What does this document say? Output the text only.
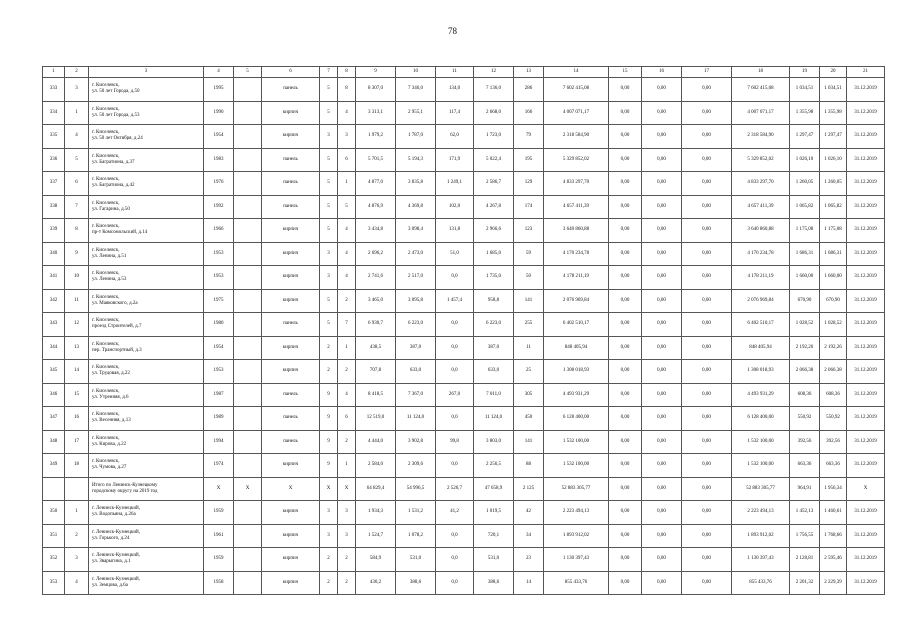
78
1	2	3	4	5	6	7	8	9	10	11	12	13	14	15	16	17	18	19	20	21
333	3	г. Киселевск,
ул. 50 лет Города, д.50	1995		панель	5	8	8 307,0	7 346,0	134,0	7 136,0	286	7 602 415,08	0,00	0,00	0,00	7 602 415,08	1 034,51	1 034,51	31.12.2019
334	1	г. Киселевск,
ул. 50 лет Города, д.53	1990		кирпич	5	4	3 313,1	2 955,1	117,4	2 668,0	166	4 007 071,17	0,00	0,00	0,00	4 007 071,17	1 355,98	1 355,98	31.12.2019
335	4	г. Киселевск,
ул. 50 лет Октября, д.24	1954		кирпич	3	3	1 979,2	1 787,0	62,0	1 723,0	79	2 318 584,90	0,00	0,00	0,00	2 318 584,90	1 297,47	1 297,47	31.12.2019
336	5	г. Киселевск,
ул. Багратиона, д.37	1983		панель	5	6	5 701,5	5 194,3	171,9	5 022,4	195	5 329 852,02	0,00	0,00	0,00	5 329 852,02	1 026,10	1 026,10	31.12.2019
337	6	г. Киселевск,
ул. Багратиона, д.42	1976		панель	5	1	4 877,0	3 835,8	1 249,1	2 586,7	129	4 833 297,70	0,00	0,00	0,00	4 833 297,70	1 260,05	1 260,05	31.12.2019
338	7	г. Киселевск,
ул. Гагарина, д.50	1992		панель	5	5	4 876,9	4 369,8	102,0	4 267,8	174	4 657 411,39	0,00	0,00	0,00	4 657 411,39	1 065,82	1 065,82	31.12.2019
339	8	г. Киселевск,
пр-т Комсомольский, д.14	1966		кирпич	5	4	3 434,8	3 098,4	131,8	2 966,6	123	3 640 860,88	0,00	0,00	0,00	3 640 860,88	1 175,08	1 175,08	31.12.2019
340	9	г. Киселевск,
ул. Ленина, д.51	1953		кирпич	3	4	2 696,2	2 473,0	51,0	1 685,0	59	4 170 234,78	0,00	0,00	0,00	4 170 234,78	1 686,31	1 686,31	31.12.2019
341	10	г. Киселевск,
ул. Ленина, д.53	1953		кирпич	3	4	2 741,6	2 517,0	0,0	1 735,0	50	4 178 211,19	0,00	0,00	0,00	4 178 211,19	1 660,00	1 660,00	31.12.2019
342	11	г. Киселевск,
ул. Маяковского, д.2а	1975		кирпич	5	2	3 465,0	3 095,8	1 457,4	958,8	141	2 076 969,84	0,00	0,00	0,00	2 076 969,84	670,90	670,90	31.12.2019
343	12	г. Киселевск,
проезд Строителей, д.7	1980		панель	5	7	6 930,7	6 223,0	0,0	6 223,0	255	6 402 510,17	0,00	0,00	0,00	6 402 510,17	1 028,52	1 028,52	31.12.2019
344	13	г. Киселевск,
пер. Транспортный, д.3	1954		кирпич	2	1	438,5	387,0	0,0	387,0	11	848 405,94	0,00	0,00	0,00	848 405,94	2 192,26	2 192,26	31.12.2019
345	14	г. Киселевск,
ул. Трудовая, д.22	1953		кирпич	2	2	707,8	633,0	0,0	633,0	25	1 308 018,93	0,00	0,00	0,00	1 308 018,93	2 066,38	2 066,38	31.12.2019
346	15	г. Киселевск,
ул. Утренняя, д.6	1987		панель	9	4	8 418,5	7 367,0	267,0	7 011,0	305	4 493 931,29	0,00	0,00	0,00	4 493 931,29	608,36	608,36	31.12.2019
347	16	г. Киселевск,
ул. Весенняя, д.13	1989		панель	9	6	12 519,0	11 124,0	0,0	11 124,0	450	6 128 400,00	0,00	0,00	0,00	6 128 400,00	550,92	550,92	31.12.2019
348	17	г. Киселевск,
ул. Кирова, д.22	1994		панель	9	2	4 444,0	3 902,8	99,8	3 803,0	141	1 532 100,00	0,00	0,00	0,00	1 532 100,00	392,56	392,56	31.12.2019
349	18	г. Киселевск,
ул. Чумова, д.27	1974		кирпич	9	1	2 584,0	2 309,6	0,0	2 256,5	88	1 532 100,00	0,00	0,00	0,00	1 532 100,00	663,36	663,36	31.12.2019

		Итого по Ленинск-Кузнецкому
городскому округу на 2019 год	X	X	X	X	X	64 829,4	54 996,5	2 526,7	47 658,9	2 125	52 883 305,77	0,00	0,00	0,00	52 883 305,77	964,91	1 956,34	X
350	1	г. Ленинск-Кузнецкий,
ул. Водопьяна, д.26а	1959		кирпич	3	3	1 934,3	1 531,2	41,2	1 019,5	42	2 223 494,13	0,00	0,00	0,00	2 223 494,13	1 452,13	1 460,61	31.12.2019
351	2	г. Ленинск-Кузнецкий,
ул. Горького, д.24	1961		кирпич	3	3	1 524,7	1 078,2	0,0	720,1	34	1 893 912,02	0,00	0,00	0,00	1 893 912,02	1 756,55	1 768,66	31.12.2019
352	3	г. Ленинск-Кузнецкий,
ул. Зварыгина, д.1	1959		кирпич	2	2	584,9	531,0	0,0	531,0	23	1 130 397,43	0,00	0,00	0,00	1 130 397,43	2 128,81	2 595,46	31.12.2019
353	4	г. Ленинск-Кузнецкий,
ул. Земцова, д.6а	1958		кирпич	2	2	430,2	388,6	0,0	388,6	14	855 433,76	0,00	0,00	0,00	855 433,76	2 201,32	2 229,39	31.12.2019
